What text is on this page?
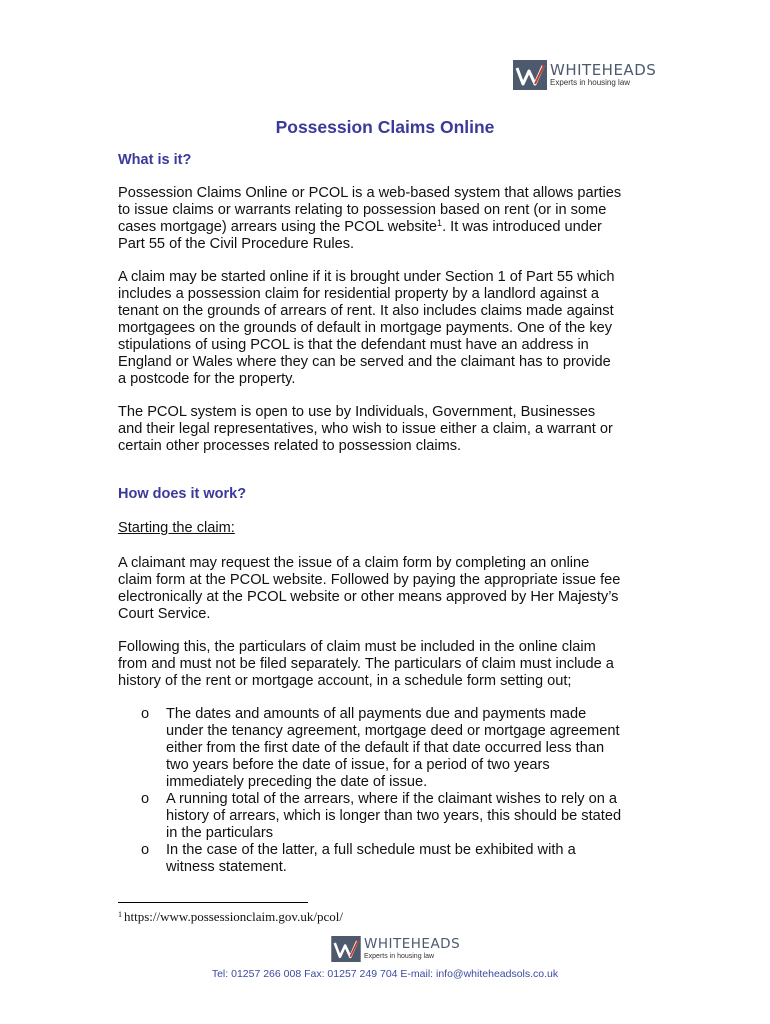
WHITEHEADS
Experts in housing law
Possession Claims Online
What is it?

Possession Claims Online or PCOL is a web-based system that allows parties

to issue claims or warrants relating to possession based on rent (or in some

cases mortgage) arrears using the PCOL website$^1$. It was introduced under

Part 55 of the Civil Procedure Rules.

A claim may be started online if it is brought under Section 1 of Part 55 which

includes a possession claim for residential property by a landlord against a

tenant on the grounds of arrears of rent. It also includes claims made against

mortgagees on the grounds of default in mortgage payments. One of the key

stipulations of using PCOL is that the defendant must have an address in

England or Wales where they can be served and the claimant has to provide

a postcode for the property.

The PCOL system is open to use by Individuals, Government, Businesses

and their legal representatives, who wish to issue either a claim, a warrant or

certain other processes related to possession claims.

How does it work?
Starting the claim:

A claimant may request the issue of a claim form by completing an online

claim form at the PCOL website. Followed by paying the appropriate issue fee

electronically at the PCOL website or other means approved by Her Majesty’s

Court Service.

Following this, the particulars of claim must be included in the online claim

from and must not be filed separately. The particulars of claim must include a

history of the rent or mortgage account, in a schedule form setting out;

o	The dates and amounts of all payments due and payments made
under the tenancy agreement, mortgage deed or mortgage agreement
either from the first date of the default if that date occurred less than
two years before the date of issue, for a period of two years
immediately preceding the date of issue.
o	A running total of the arrears, where if the claimant wishes to rely on a
history of arrears, which is longer than two years, this should be stated
in the particulars
o	In the case of the latter, a full schedule must be exhibited with a
witness statement.
$^1$ https://www.possessionclaim.gov.uk/pcol/
WHITEHEADS
Experts in housing law
Tel: 01257 266 008 Fax: 01257 249 704 E-mail: info@whiteheadsols.co.uk
